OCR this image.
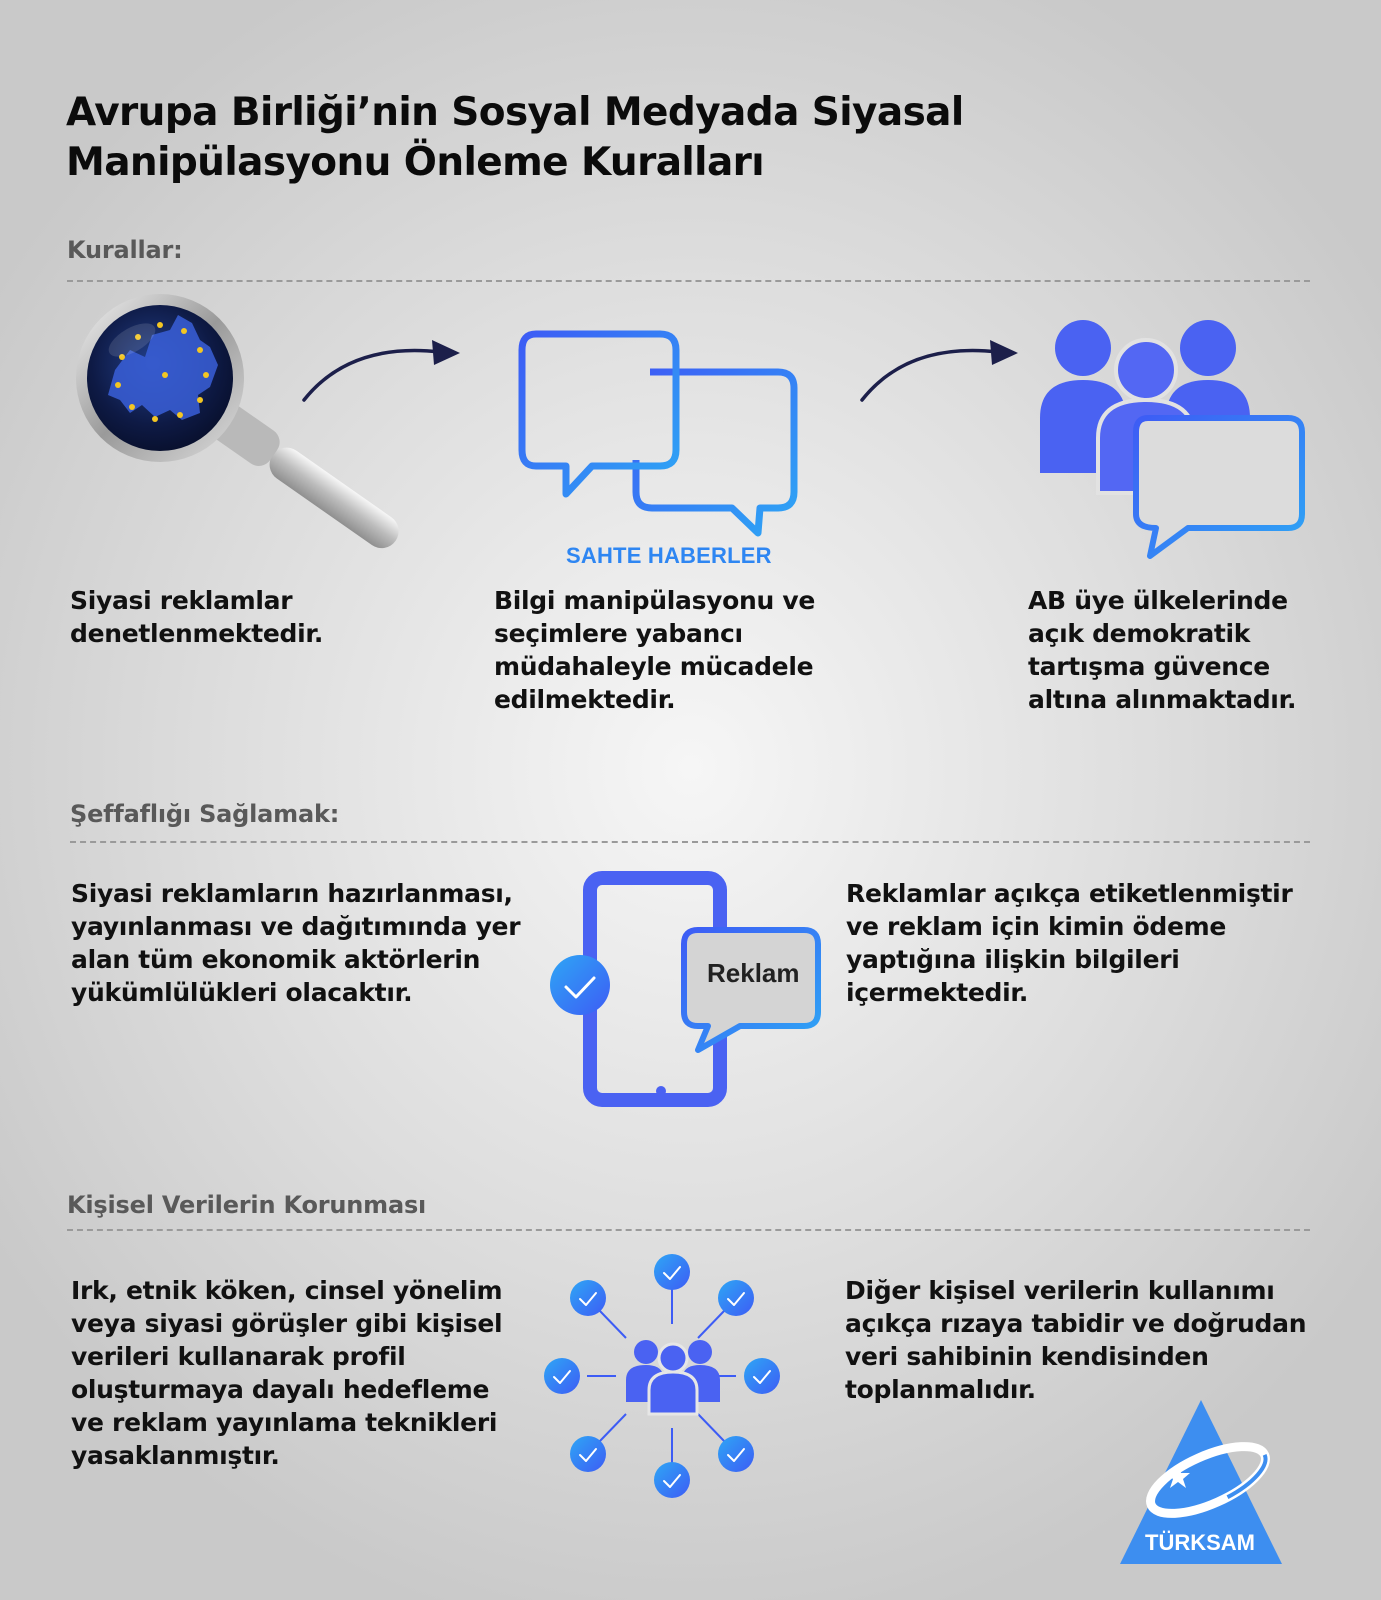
Avrupa Birliği’nin Sosyal Medyada Siyasal
Manipülasyonu Önleme Kuralları
Kurallar:
SAHTE HABERLER

Siyasi reklamlar denetlenmektedir.

Bilgi manipülasyonu ve seçimlere yabancı müdahaleyle mücadele edilmektedir.

AB üye ülkelerinde açık demokratik tartışma güvence altına alınmaktadır.

Şeffaflığı Sağlamak:

Siyasi reklamların hazırlanması, yayınlanması ve dağıtımında yer alan tüm ekonomik aktörlerin yükümlülükleri olacaktır.

Reklam

Reklamlar açıkça etiketlenmiştir ve reklam için kimin ödeme yaptığına ilişkin bilgileri içermektedir.

Kişisel Verilerin Korunması

Irk, etnik köken, cinsel yönelim veya siyasi görüşler gibi kişisel verileri kullanarak profil oluşturmaya dayalı hedefleme ve reklam yayınlama teknikleri yasaklanmıştır.

Diğer kişisel verilerin kullanımı açıkça rızaya tabidir ve doğrudan veri sahibinin kendisinden toplanmalıdır.

TÜRKSAM
